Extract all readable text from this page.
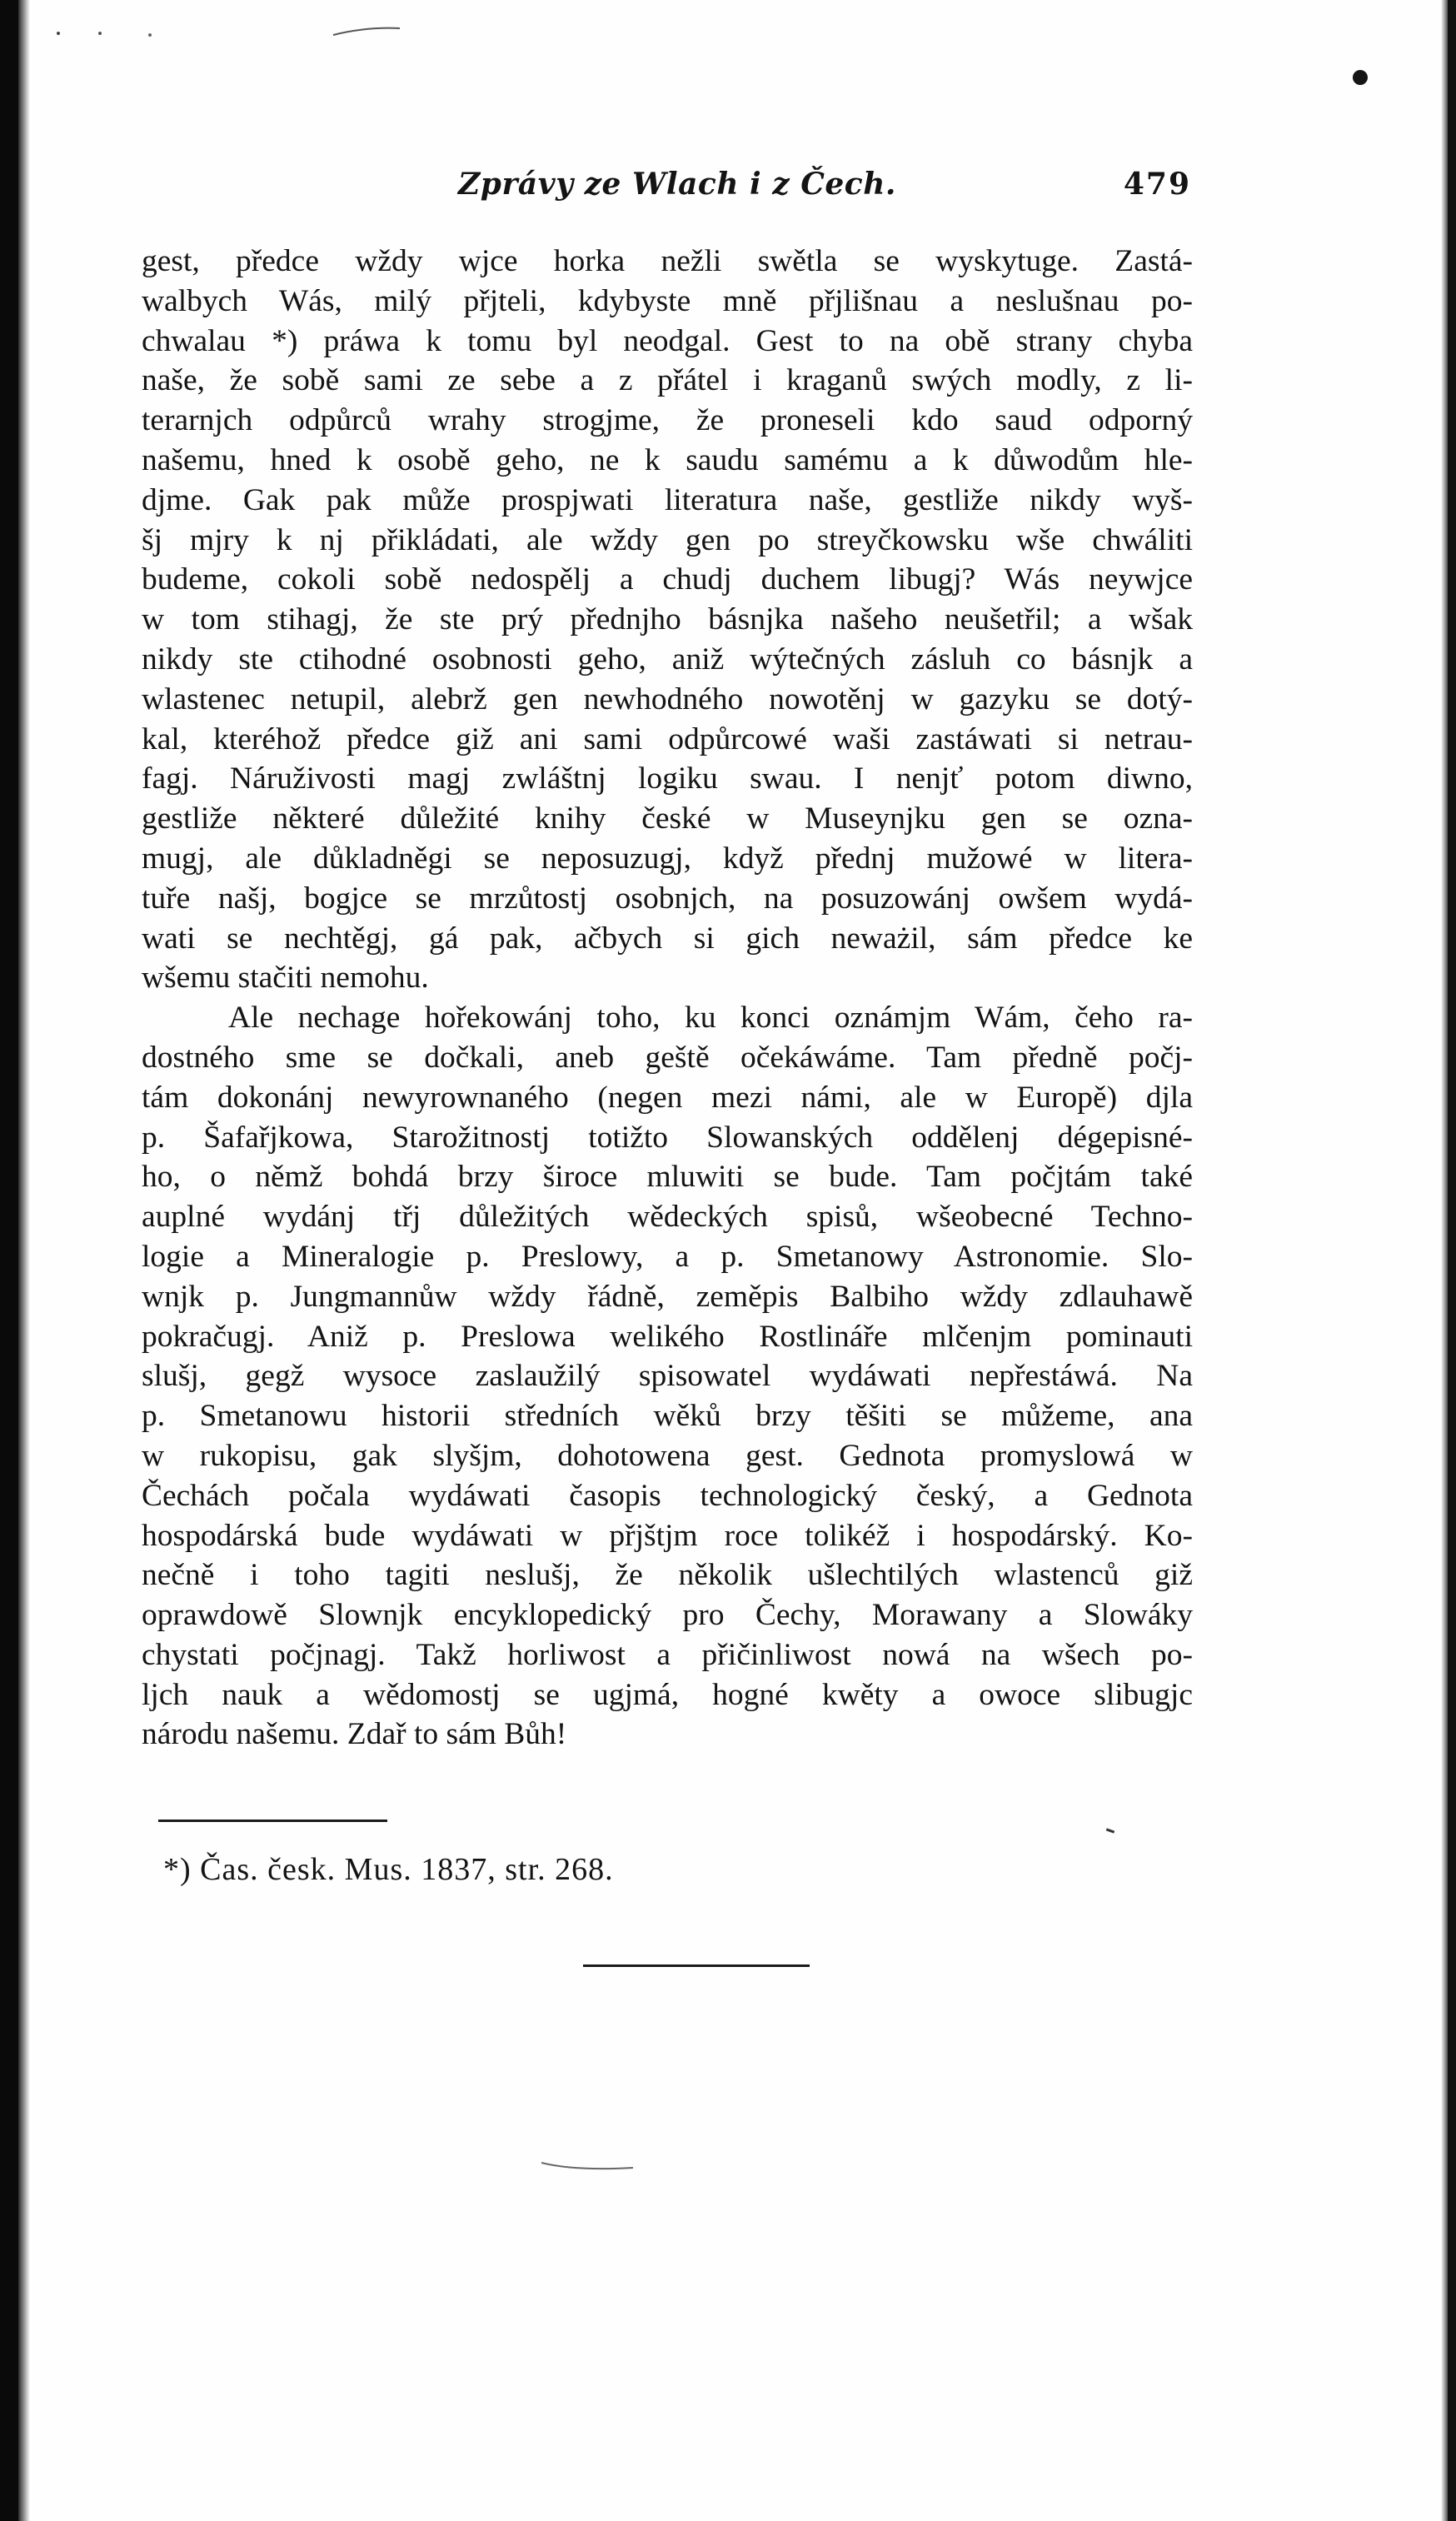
Zprávy ze Wlach i z Čech.	479
gest, předce wždy wjce horka nežli swětla se wyskytuge. Zastá-
walbych Wás, milý přjteli, kdybyste mně přjlišnau a neslušnau po-
chwalau *) práwa k tomu byl neodgal. Gest to na obě strany chyba
naše, že sobě sami ze sebe a z přátel i kraganů swých modly, z li-
terarnjch odpůrců wrahy strogjme, že proneseli kdo saud odporný
našemu, hned k osobě geho, ne k saudu samému a k důwodům hle-
djme. Gak pak může prospjwati literatura naše, gestliže nikdy wyš-
šj mjry k nj přikládati, ale wždy gen po streyčkowsku wše chwáliti
budeme, cokoli sobě nedospělj a chudj duchem libugj? Wás neywjce
w tom stihagj, že ste prý přednjho básnjka našeho neušetřil; a wšak
nikdy ste ctihodné osobnosti geho, aniž wýtečných zásluh co básnjk a
wlastenec netupil, alebrž gen newhodného nowotěnj w gazyku se dotý-
kal, kteréhož předce giž ani sami odpůrcowé waši zastáwati si netrau-
fagj. Náruživosti magj zwláštnj logiku swau. I nenjť potom diwno,
gestliže některé důležité knihy české w Museynjku gen se ozna-
mugj, ale důkladněgi se neposuzugj, když přednj mužowé w litera-
tuře našj, bogjce se mrzůtostj osobnjch, na posuzowánj owšem wydá-
wati se nechtěgj, gá pak, ačbych si gich neważil, sám předce ke
wšemu stačiti nemohu.
Ale nechage hořekowánj toho, ku konci oznámjm Wám, čeho ra-
dostného sme se dočkali, aneb geště očekáwáme. Tam předně počj-
tám dokonánj newyrownaného (negen mezi námi, ale w Europě) djla
p. Šafařjkowa, Starožitnostj totižto Slowanských oddělenj dégepisné-
ho, o němž bohdá brzy široce mluwiti se bude. Tam počjtám také
auplné wydánj třj důležitých wědeckých spisů, wšeobecné Techno-
logie a Mineralogie p. Preslowy, a p. Smetanowy Astronomie. Slo-
wnjk p. Jungmannůw wždy řádně, zeměpis Balbiho wždy zdlauhawě
pokračugj. Aniž p. Preslowa welikého Rostlináře mlčenjm pominauti
slušj, gegž wysoce zaslaužilý spisowatel wydáwati nepřestáwá. Na
p. Smetanowu historii středních wěků brzy těšiti se můžeme, ana
w rukopisu, gak slyšjm, dohotowena gest. Gednota promyslowá w
Čechách počala wydáwati časopis technologický český, a Gednota
hospodárská bude wydáwati w přjštjm roce tolikéž i hospodárský. Ko-
nečně i toho tagiti neslušj, že několik ušlechtilých wlastenců giž
oprawdowě Slownjk encyklopedický pro Čechy, Morawany a Slowáky
chystati počjnagj. Takž horliwost a přičinliwost nowá na wšech po-
ljch nauk a wědomostj se ugjmá, hogné kwěty a owoce slibugjc
národu našemu. Zdař to sám Bůh!
*) Čas. česk. Mus. 1837, str. 268.
